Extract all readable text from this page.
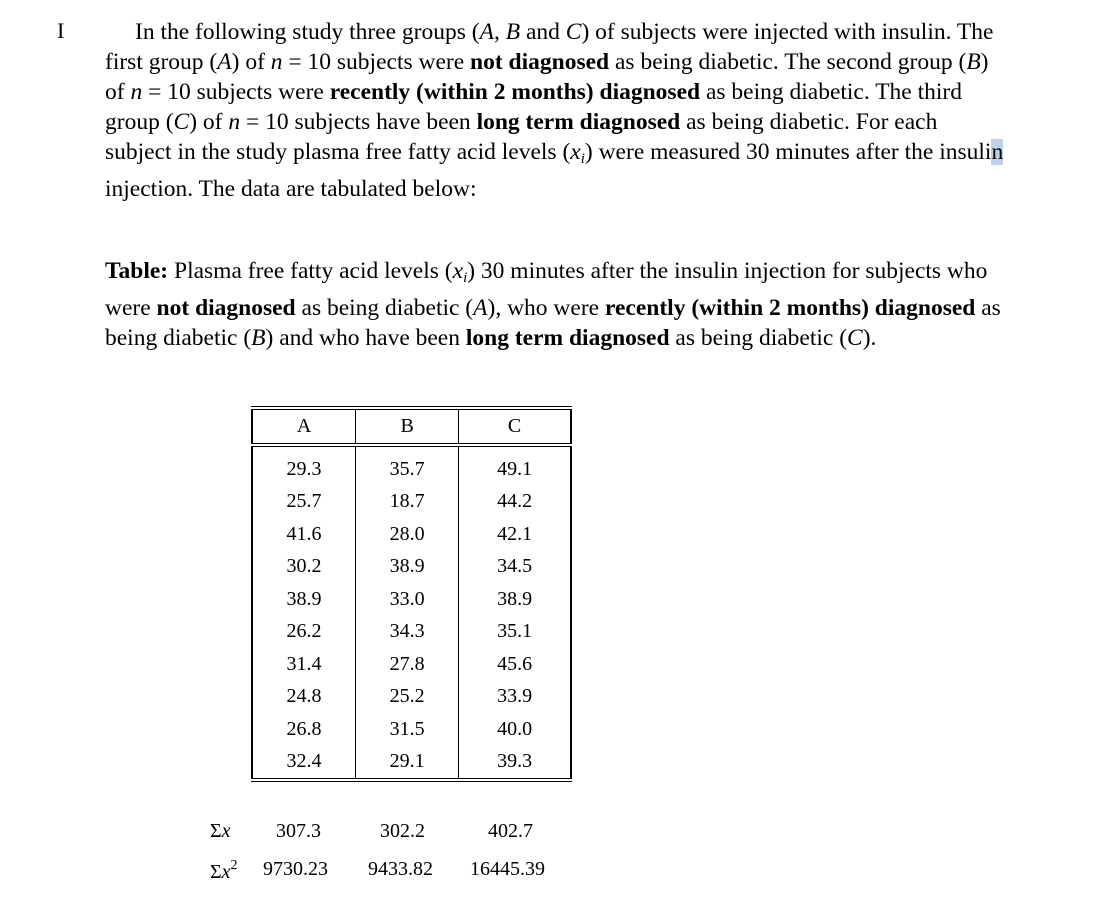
I	In the following study three groups (A, B and C) of subjects were injected with insulin. The first group (A) of n = 10 subjects were not diagnosed as being diabetic. The second group (B) of n = 10 subjects were recently (within 2 months) diagnosed as being diabetic. The third group (C) of n = 10 subjects have been long term diagnosed as being diabetic. For each subject in the study plasma free fatty acid levels $(x_i)$ were measured 30 minutes after the insulin injection. The data are tabulated below:

Table: Plasma free fatty acid levels $(x_i)$ 30 minutes after the insulin injection for subjects who were not diagnosed as being diabetic (A), who were recently (within 2 months) diagnosed as being diabetic (B) and who have been long term diagnosed as being diabetic (C).

A	B	C
29.3	35.7	49.1
25.7	18.7	44.2
41.6	28.0	42.1
30.2	38.9	34.5
38.9	33.0	38.9
26.2	34.3	35.1
31.4	27.8	45.6
24.8	25.2	33.9
26.8	31.5	40.0
32.4	29.1	39.3
Σx 307.3	302.2	402.7
$\Sigma x^2$ 9730.23 9433.82 16445.39
